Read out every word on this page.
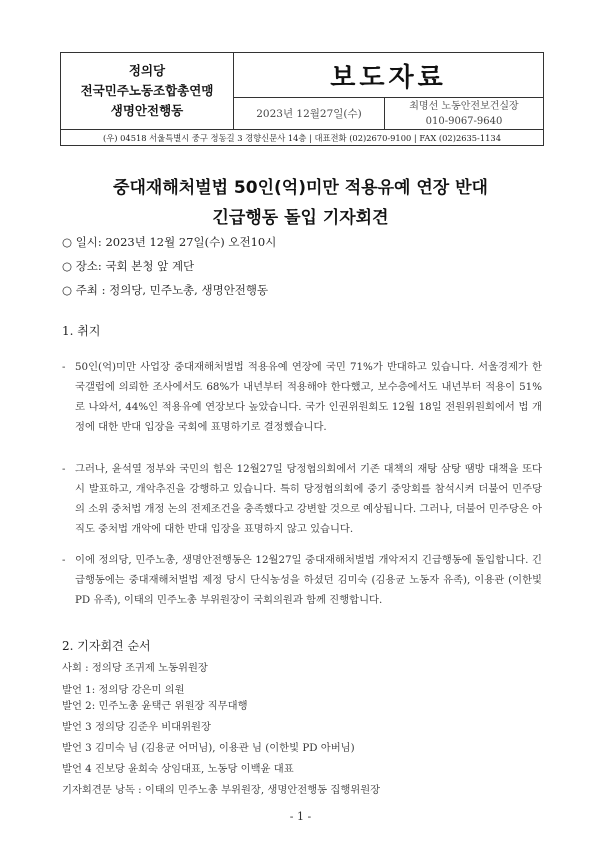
정의당
전국민주노동조합총연맹
생명안전행동
보도자료
2023년 12월27일(수)
최명선 노동안전보건실장
010-9067-9640
(우) 04518 서울특별시 중구 정동길 3 경향신문사 14층 | 대표전화 (02)2670-9100 | FAX (02)2635-1134
중대재해처벌법 50인(억)미만 적용유예 연장 반대
긴급행동 돌입 기자회견
○ 일시: 2023년 12월 27일(수) 오전10시
○ 장소: 국회 본청 앞 계단
○ 주최 : 정의당, 민주노총, 생명안전행동
1. 취지
- 50인(억)미만 사업장 중대재해처벌법 적용유예 연장에 국민 71%가 반대하고 있습니다. 서울경제가 한국갤럽에 의뢰한 조사에서도 68%가 내년부터 적용해야 한다했고, 보수층에서도 내년부터 적용이 51%로 나와서, 44%인 적용유예 연장보다 높았습니다. 국가 인권위원회도 12월 18일 전원위원회에서 법 개정에 대한 반대 입장을 국회에 표명하기로 결정했습니다.
- 그러나, 윤석열 정부와 국민의 힘은 12월27일 당정협의회에서 기존 대책의 재탕 삼탕 땜방 대책을 또다시 발표하고, 개악추진을 강행하고 있습니다. 특히 당정협의회에 중기 중앙회를 참석시켜 더불어 민주당의 소위 중처법 개정 논의 전제조건을 충족했다고 강변할 것으로 예상됩니다. 그러나, 더불어 민주당은 아직도 중처법 개악에 대한 반대 입장을 표명하지 않고 있습니다.
- 이에 정의당, 민주노총, 생명안전행동은 12월27일 중대재해처벌법 개악저지 긴급행동에 돌입합니다. 긴급행동에는 중대재해처벌법 제정 당시 단식농성을 하셨던 김미숙 (김용균 노동자 유족), 이용관 (이한빛PD 유족), 이태의 민주노총 부위원장이 국회의원과 함께 진행합니다.
2. 기자회견 순서
사회 : 정의당 조귀제 노동위원장
발언 1: 정의당 강은미 의원
발언 2: 민주노총 윤택근 위원장 직무대행
발언 3 정의당 김준우 비대위원장
발언 3 김미숙 님 (김용균 어머님), 이용관 님 (이한빛 PD 아버님)
발언 4 진보당 윤희숙 상임대표, 노동당 이백윤 대표
기자회견문 낭독 : 이태의 민주노총 부위원장, 생명안전행동 집행위원장
- 1 -
